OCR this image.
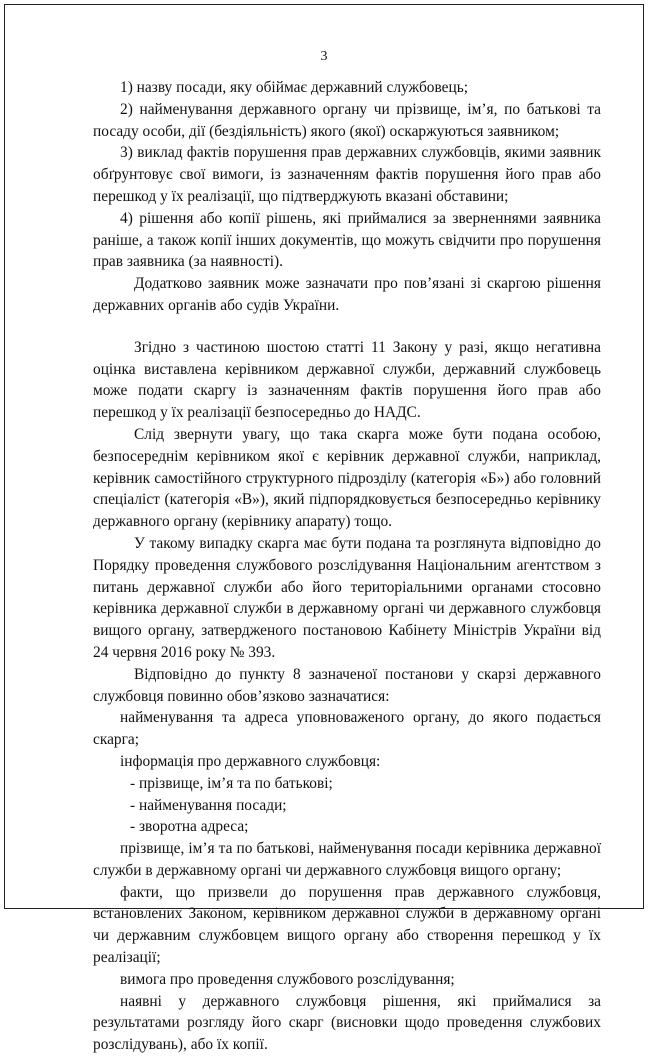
3

1) назву посади, яку обіймає державний службовець;

2) найменування державного органу чи прізвище, ім’я, по батькові та посаду особи, дії (бездіяльність) якого (якої) оскаржуються заявником;

3) виклад фактів порушення прав державних службовців, якими заявник обґрунтовує свої вимоги, із зазначенням фактів порушення його прав або перешкод у їх реалізації, що підтверджують вказані обставини;

4) рішення або копії рішень, які приймалися за зверненнями заявника раніше, а також копії інших документів, що можуть свідчити про порушення прав заявника (за наявності).

Додатково заявник може зазначати про пов’язані зі скаргою рішення державних органів або судів України.

Згідно з частиною шостою статті 11 Закону у разі, якщо негативна оцінка виставлена керівником державної служби, державний службовець може подати скаргу із зазначенням фактів порушення його прав або перешкод у їх реалізації безпосередньо до НАДС.

Слід звернути увагу, що така скарга може бути подана особою, безпосереднім керівником якої є керівник державної служби, наприклад, керівник самостійного структурного підрозділу (категорія «Б») або головний спеціаліст (категорія «В»), який підпорядковується безпосередньо керівнику державного органу (керівнику апарату) тощо.

У такому випадку скарга має бути подана та розглянута відповідно до Порядку проведення службового розслідування Національним агентством з питань державної служби або його територіальними органами стосовно керівника державної служби в державному органі чи державного службовця вищого органу, затвердженого постановою Кабінету Міністрів України від 24 червня 2016 року № 393.

Відповідно до пункту 8 зазначеної постанови у скарзі державного службовця повинно обов’язково зазначатися:

найменування та адреса уповноваженого органу, до якого подається скарга;

інформація про державного службовця:

- прізвище, ім’я та по батькові;

- найменування посади;

- зворотна адреса;

прізвище, ім’я та по батькові, найменування посади керівника державної служби в державному органі чи державного службовця вищого органу;

факти, що призвели до порушення прав державного службовця, встановлених Законом, керівником державної служби в державному органі чи державним службовцем вищого органу або створення перешкод у їх реалізації;

вимога про проведення службового розслідування;

наявні у державного службовця рішення, які приймалися за результатами розгляду його скарг (висновки щодо проведення службових розслідувань), або їх копії.
